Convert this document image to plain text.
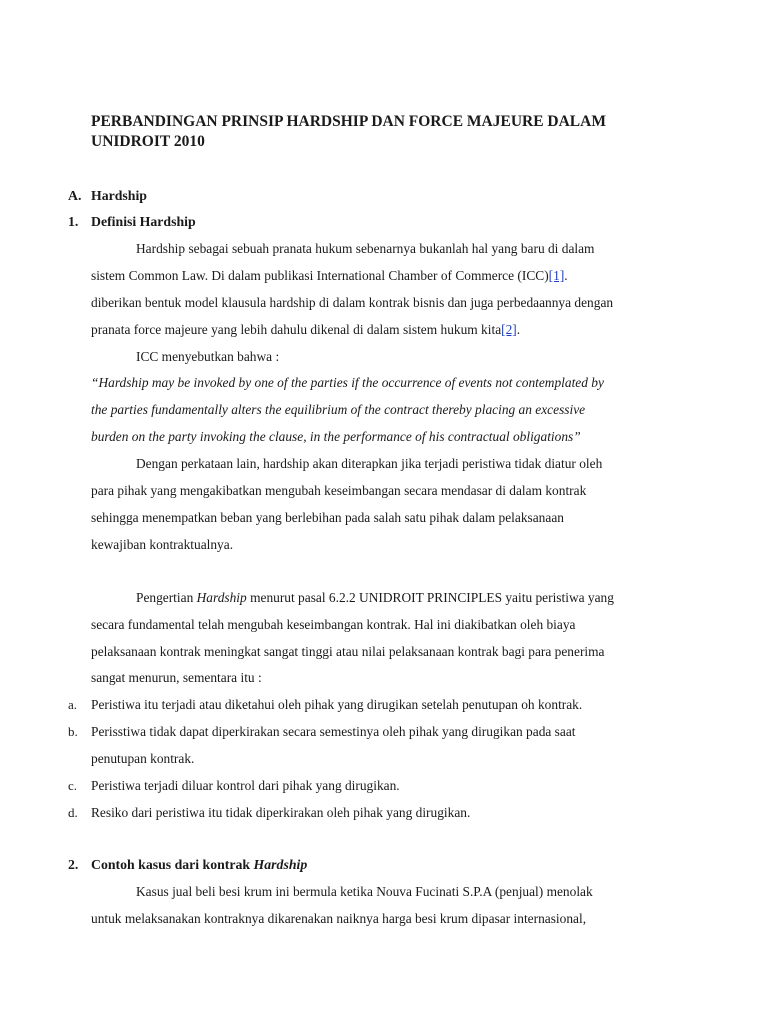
PERBANDINGAN PRINSIP HARDSHIP DAN FORCE MAJEURE DALAM
UNIDROIT 2010
A. Hardship
1. Definisi Hardship

Hardship sebagai sebuah pranata hukum sebenarnya bukanlah hal yang baru di dalam

sistem Common Law. Di dalam publikasi International Chamber of Commerce (ICC)[1].

diberikan bentuk model klausula hardship di dalam kontrak bisnis dan juga perbedaannya dengan

pranata force majeure yang lebih dahulu dikenal di dalam sistem hukum kita[2].

ICC menyebutkan bahwa :

“Hardship may be invoked by one of the parties if the occurrence of events not contemplated by

the parties fundamentally alters the equilibrium of the contract thereby placing an excessive

burden on the party invoking the clause, in the performance of his contractual obligations”

Dengan perkataan lain, hardship akan diterapkan jika terjadi peristiwa tidak diatur oleh

para pihak yang mengakibatkan mengubah keseimbangan secara mendasar di dalam kontrak

sehingga menempatkan beban yang berlebihan pada salah satu pihak dalam pelaksanaan

kewajiban kontraktualnya.

Pengertian Hardship menurut pasal 6.2.2 UNIDROIT PRINCIPLES yaitu peristiwa yang

secara fundamental telah mengubah keseimbangan kontrak. Hal ini diakibatkan oleh biaya

pelaksanaan kontrak meningkat sangat tinggi atau nilai pelaksanaan kontrak bagi para penerima

sangat menurun, sementara itu :

a. Peristiwa itu terjadi atau diketahui oleh pihak yang dirugikan setelah penutupan oh kontrak.

b. Perisstiwa tidak dapat diperkirakan secara semestinya oleh pihak yang dirugikan pada saat

penutupan kontrak.

c. Peristiwa terjadi diluar kontrol dari pihak yang dirugikan.

d. Resiko dari peristiwa itu tidak diperkirakan oleh pihak yang dirugikan.

2. Contoh kasus dari kontrak Hardship

Kasus jual beli besi krum ini bermula ketika Nouva Fucinati S.P.A (penjual) menolak

untuk melaksanakan kontraknya dikarenakan naiknya harga besi krum dipasar internasional,
